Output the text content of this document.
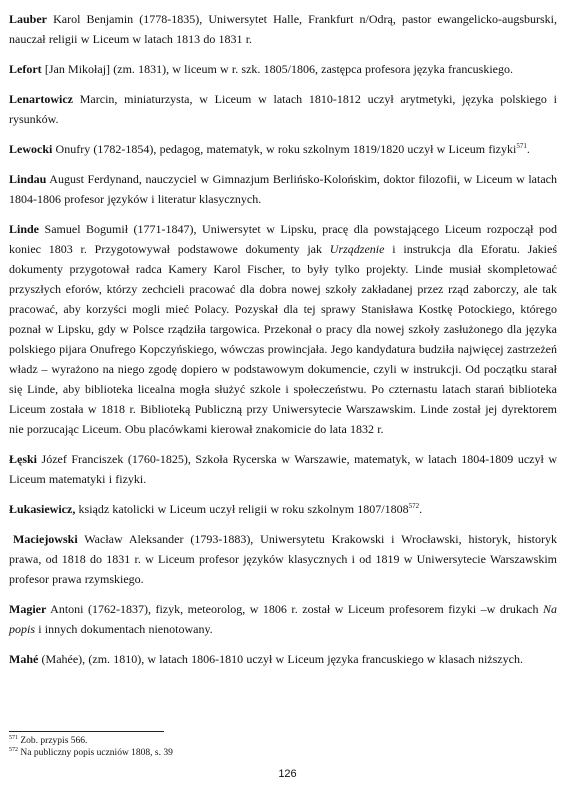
Lauber Karol Benjamin (1778-1835), Uniwersytet Halle, Frankfurt n/Odrą, pastor ewangelicko-augsburski, nauczał religii w Liceum w latach 1813 do 1831 r.

Lefort [Jan Mikołaj] (zm. 1831), w liceum w r. szk. 1805/1806, zastępca profesora języka francuskiego.

Lenartowicz Marcin, miniaturzysta, w Liceum w latach 1810-1812 uczył arytmetyki, języka polskiego i rysunków.

Lewocki Onufry (1782-1854), pedagog, matematyk, w roku szkolnym 1819/1820 uczył w Liceum fizyki$^{571}$.

Lindau August Ferdynand, nauczyciel w Gimnazjum Berlińsko-Kolońskim, doktor filozofii, w Liceum w latach 1804-1806 profesor języków i literatur klasycznych.

Linde Samuel Bogumił (1771-1847), Uniwersytet w Lipsku, pracę dla powstającego Liceum rozpoczął pod koniec 1803 r. Przygotowywał podstawowe dokumenty jak Urządzenie i instrukcja dla Eforatu. Jakieś dokumenty przygotował radca Kamery Karol Fischer, to były tylko projekty. Linde musiał skompletować przyszłych eforów, którzy zechcieli pracować dla dobra nowej szkoły zakładanej przez rząd zaborczy, ale tak pracować, aby korzyści mogli mieć Polacy. Pozyskał dla tej sprawy Stanisława Kostkę Potockiego, którego poznał w Lipsku, gdy w Polsce rządziła targowica. Przekonał o pracy dla nowej szkoły zasłużonego dla języka polskiego pijara Onufrego Kopczyńskiego, wówczas prowincjała. Jego kandydatura budziła najwięcej zastrzeżeń władz – wyrażono na niego zgodę dopiero w podstawowym dokumencie, czyli w instrukcji. Od początku starał się Linde, aby biblioteka licealna mogła służyć szkole i społeczeństwu. Po czternastu latach starań biblioteka Liceum została w 1818 r. Biblioteką Publiczną przy Uniwersytecie Warszawskim. Linde został jej dyrektorem nie porzucając Liceum. Obu placówkami kierował znakomicie do lata 1832 r.

Łęski Józef Franciszek (1760-1825), Szkoła Rycerska w Warszawie, matematyk, w latach 1804-1809 uczył w Liceum matematyki i fizyki.

Łukasiewicz, ksiądz katolicki w Liceum uczył religii w roku szkolnym 1807/1808$^{572}$.

Maciejowski Wacław Aleksander (1793-1883), Uniwersytetu Krakowski i Wrocławski, historyk, historyk prawa, od 1818 do 1831 r. w Liceum profesor języków klasycznych i od 1819 w Uniwersytecie Warszawskim profesor prawa rzymskiego.

Magier Antoni (1762-1837), fizyk, meteorolog, w 1806 r. został w Liceum profesorem fizyki –w drukach Na popis i innych dokumentach nienotowany.

Mahé (Mahée), (zm. 1810), w latach 1806-1810 uczył w Liceum języka francuskiego w klasach niższych.

$^{571}$ Zob. przypis 566.
$^{572}$ Na publiczny popis uczniów 1808, s. 39
126
